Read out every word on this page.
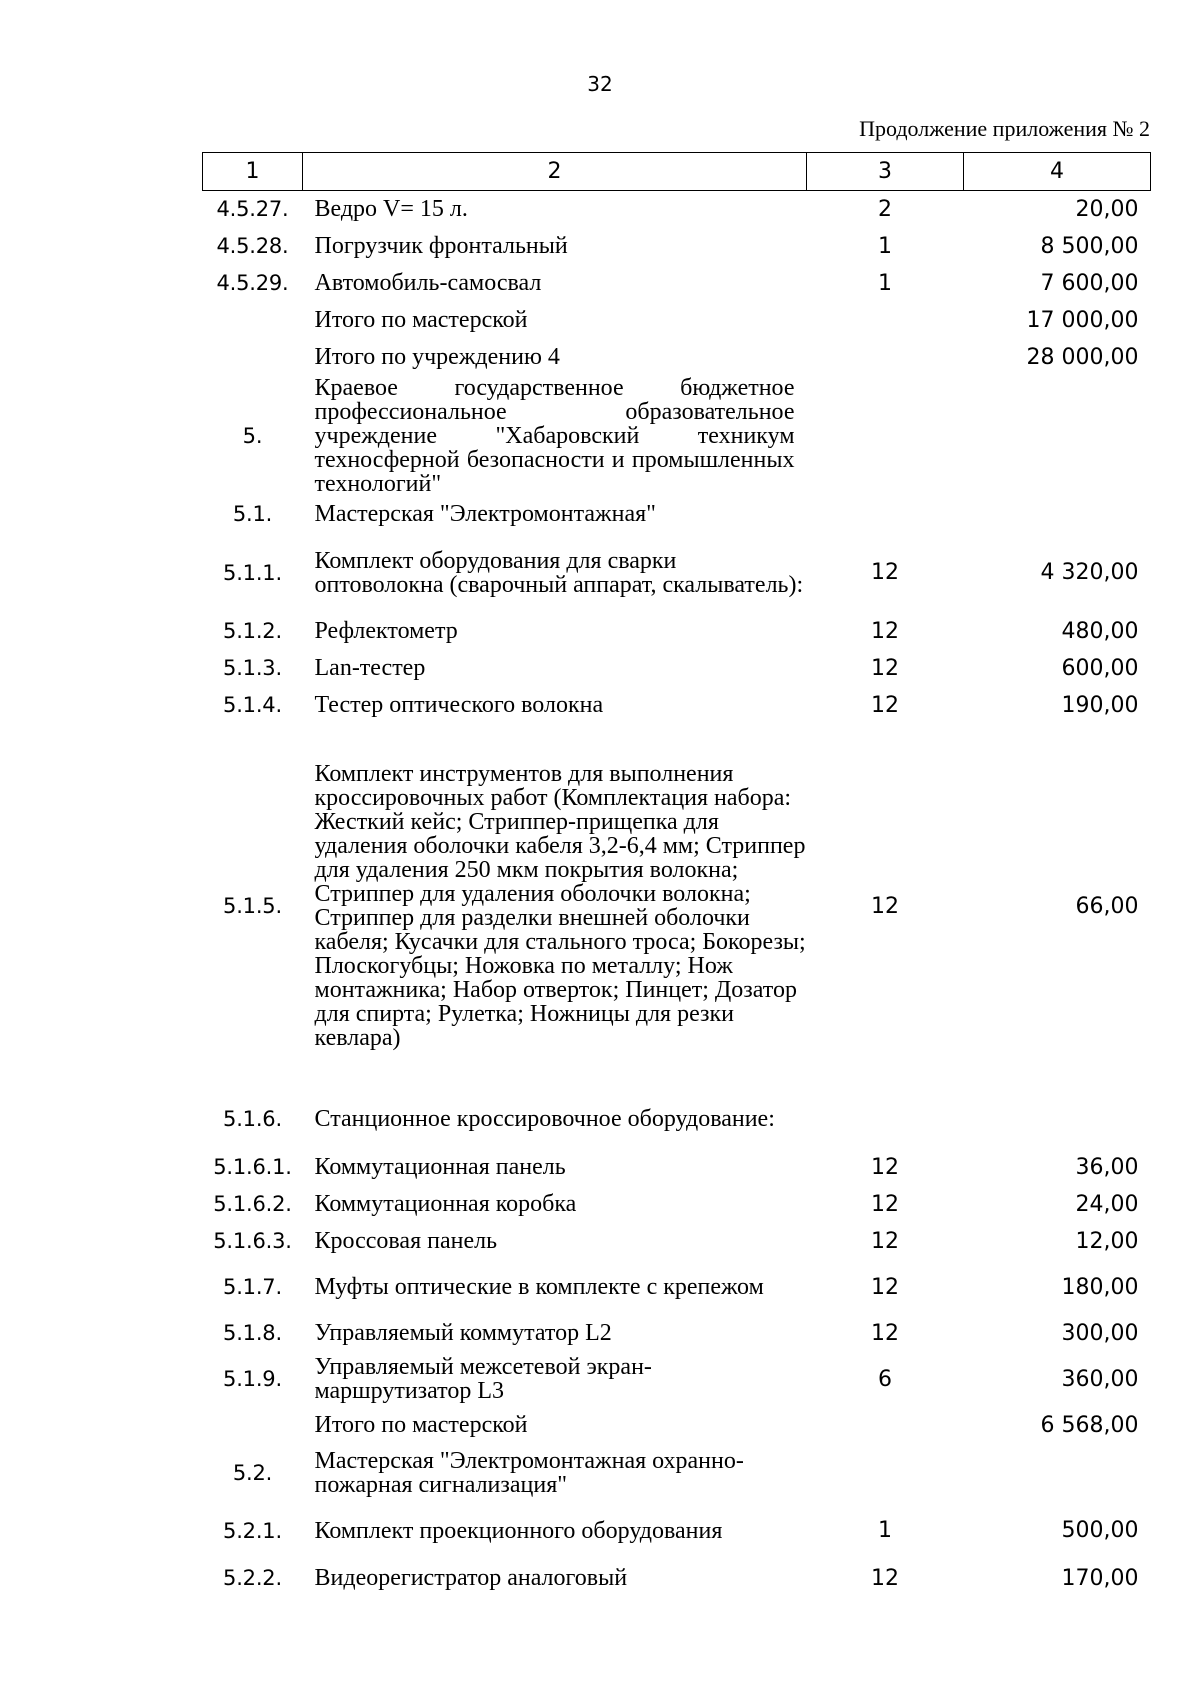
32
Продолжение приложения № 2
1	2	3	4
4.5.27.	Ведро V= 15 л.	2	20,00
4.5.28.	Погрузчик фронтальный	1	8 500,00
4.5.29.	Автомобиль-самосвал	1	7 600,00
	Итого по мастерской		17 000,00
	Итого по учреждению 4		28 000,00
5.	Краевое государственное бюджетное профессиональное образовательное учреждение "Хабаровский техникум техносферной безопасности и промышленных технологий"		
5.1.	Мастерская "Электромонтажная"		
5.1.1.	Комплект оборудования для сварки оптоволокна (сварочный аппарат, скалыватель):	12	4 320,00
5.1.2.	Рефлектометр	12	480,00
5.1.3.	Lan-тестер	12	600,00
5.1.4.	Тестер оптического волокна	12	190,00
5.1.5.	Комплект инструментов для выполнения кроссировочных работ (Комплектация набора: Жесткий кейс; Стриппер-прищепка для удаления оболочки кабеля 3,2-6,4 мм; Стриппер для удаления 250 мкм покрытия волокна; Стриппер для удаления оболочки волокна; Стриппер для разделки внешней оболочки кабеля; Кусачки для стального троса; Бокорезы; Плоскогубцы; Ножовка по металлу; Нож монтажника; Набор отверток; Пинцет; Дозатор для спирта; Рулетка; Ножницы для резки кевлара)	12	66,00
5.1.6.	Станционное кроссировочное оборудование:		
5.1.6.1.	Коммутационная панель	12	36,00
5.1.6.2.	Коммутационная коробка	12	24,00
5.1.6.3.	Кроссовая панель	12	12,00
5.1.7.	Муфты оптические в комплекте с крепежом	12	180,00
5.1.8.	Управляемый коммутатор L2	12	300,00
5.1.9.	Управляемый межсетевой экран-маршрутизатор L3	6	360,00
	Итого по мастерской		6 568,00
5.2.	Мастерская "Электромонтажная охранно-пожарная сигнализация"		
5.2.1.	Комплект проекционного оборудования	1	500,00
5.2.2.	Видеорегистратор аналоговый	12	170,00
